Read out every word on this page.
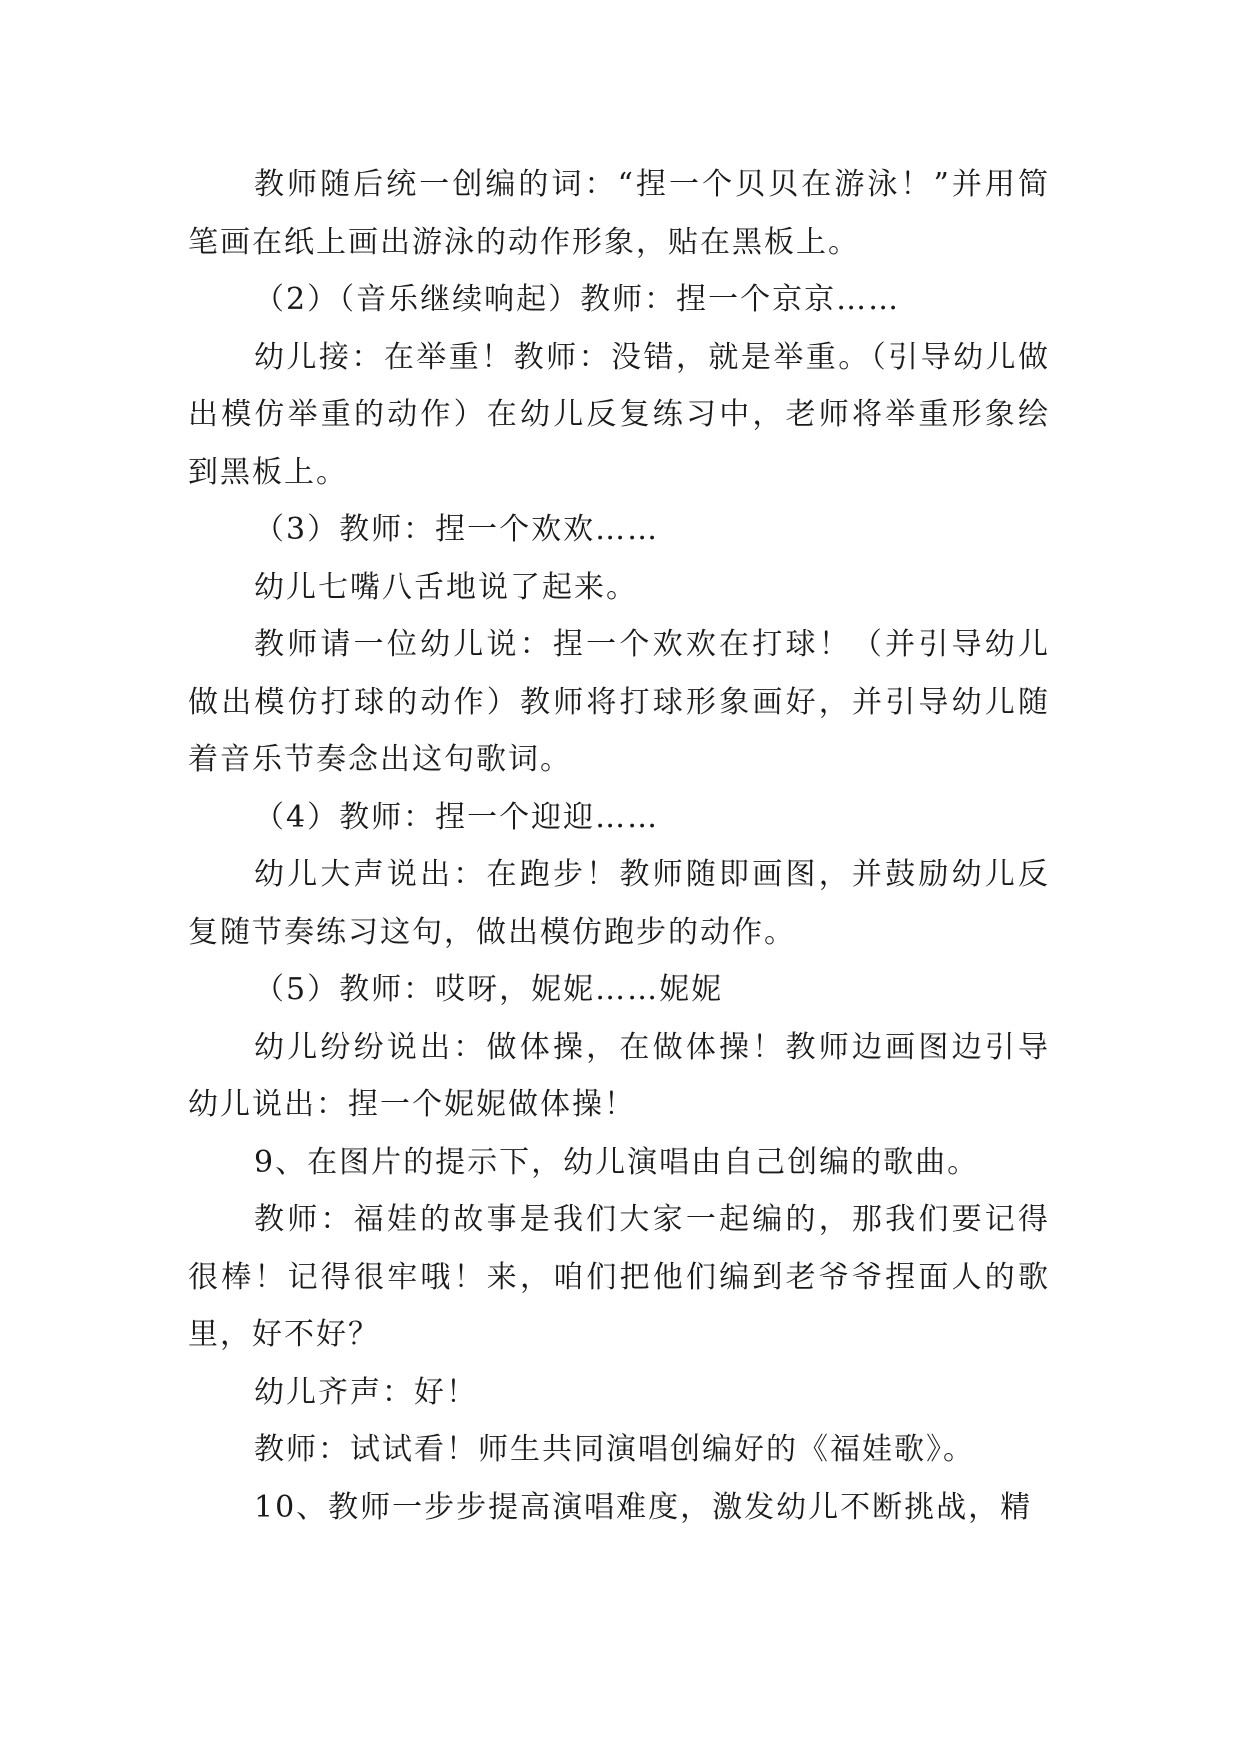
教师随后统一创编的词：“捏一个贝贝在游泳！”并用简笔画在纸上画出游泳的动作形象，贴在黑板上。

（2）（音乐继续响起）教师：捏一个京京……

幼儿接：在举重！教师：没错，就是举重。（引导幼儿做出模仿举重的动作）在幼儿反复练习中，老师将举重形象绘到黑板上。

（3）教师：捏一个欢欢……

幼儿七嘴八舌地说了起来。

教师请一位幼儿说：捏一个欢欢在打球！（并引导幼儿做出模仿打球的动作）教师将打球形象画好，并引导幼儿随着音乐节奏念出这句歌词。

（4）教师：捏一个迎迎……

幼儿大声说出：在跑步！教师随即画图，并鼓励幼儿反复随节奏练习这句，做出模仿跑步的动作。

（5）教师：哎呀，妮妮……妮妮

幼儿纷纷说出：做体操，在做体操！教师边画图边引导幼儿说出：捏一个妮妮做体操！

9、在图片的提示下，幼儿演唱由自己创编的歌曲。

教师：福娃的故事是我们大家一起编的，那我们要记得很棒！记得很牢哦！来，咱们把他们编到老爷爷捏面人的歌里，好不好？

幼儿齐声：好！

教师：试试看！师生共同演唱创编好的《福娃歌》。

10、教师一步步提高演唱难度，激发幼儿不断挑战，精
